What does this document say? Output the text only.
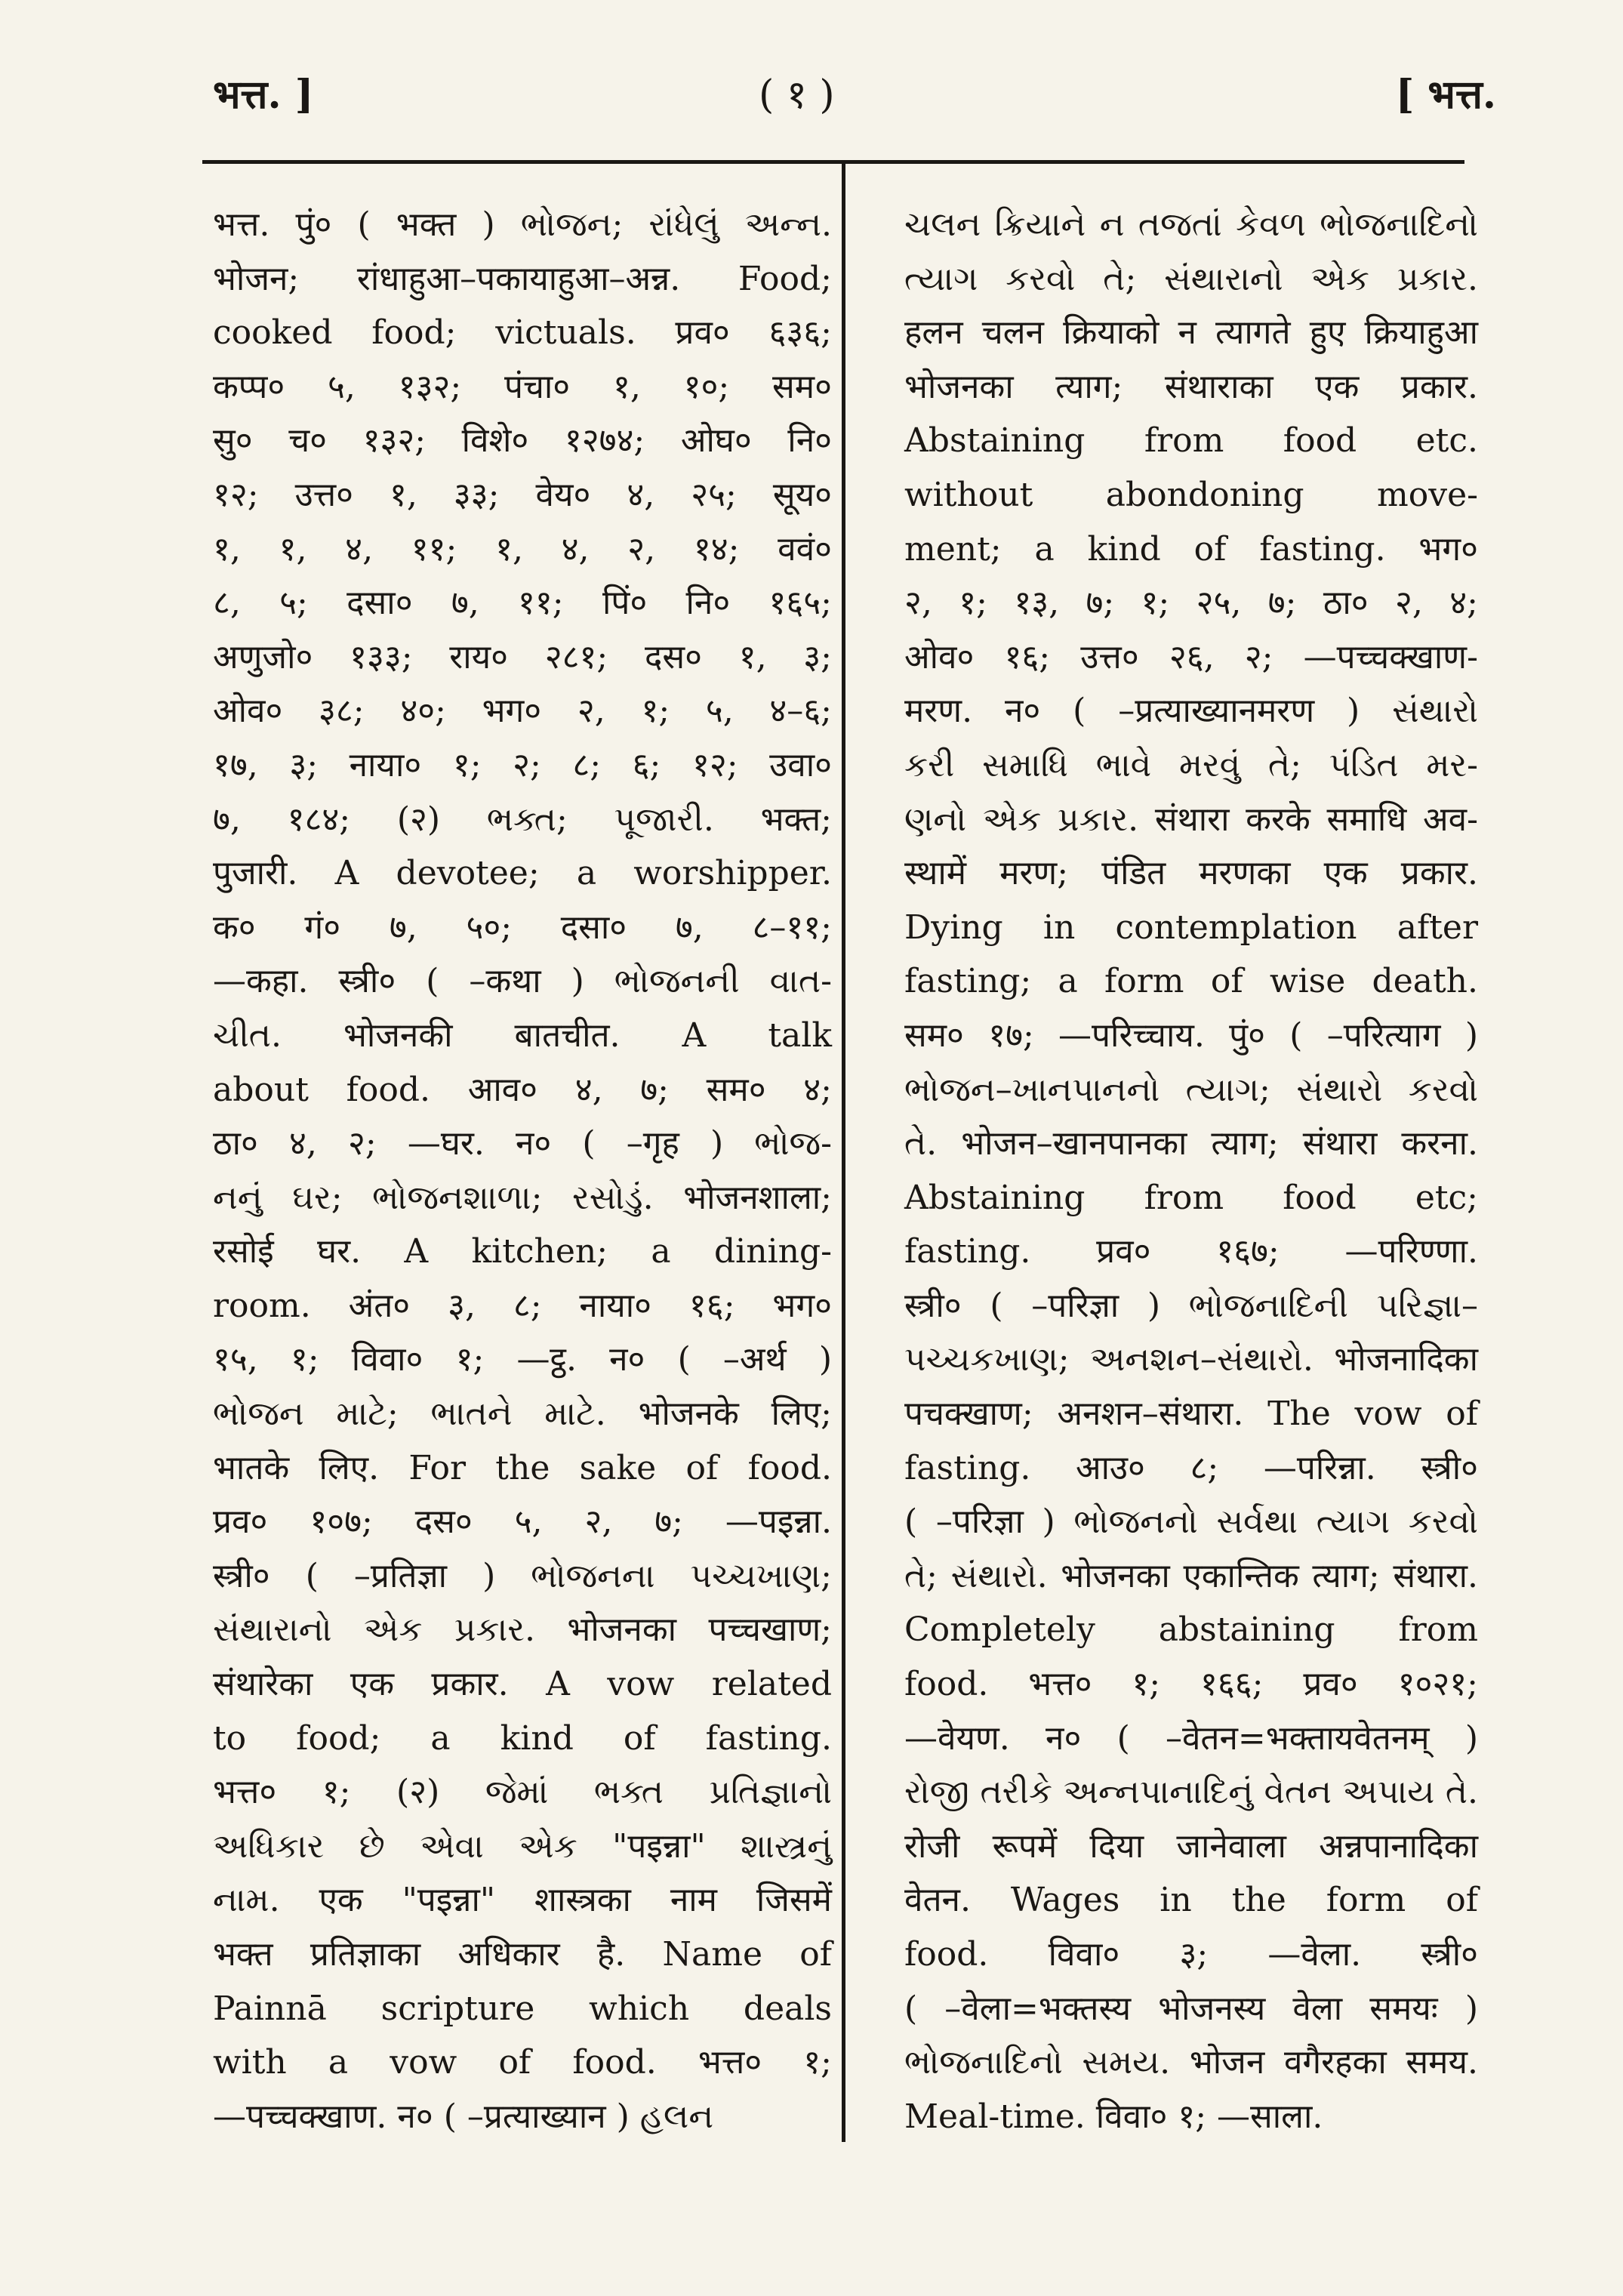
भत्त. ]	( १ )	[ भत्त.

भत्त. पुं० ( भक्त ) ભોજન; રાંધેલું અન્ન.

भोजन; रांधाहुआ–पकायाहुआ–अन्न. Food;

cooked food; victuals. प्रव० ६३६;

कप्प० ५, १३२; पंचा० १, १०; सम०

सु० च० १३२; विशे० १२७४; ओघ० नि०

१२; उत्त० १, ३३; वेय० ४, २५; सूय०

१, १, ४, ११; १, ४, २, १४; ववं०

८, ५; दसा० ७, ११; पिं० नि० १६५;

अणुजो० १३३; राय० २८१; दस० १, ३;

ओव० ३८; ४०; भग० २, १; ५, ४–६;

१७, ३; नाया० १; २; ८; ६; १२; उवा०

७, १८४; (२) ભક્ત; પૂજારી. भक्त;

पुजारी. A devotee; a worshipper.

क० गं० ७, ५०; दसा० ७, ८–११;

—कहा. स्त्री० ( –कथा ) ભોજનની વાત-

ચીત. भोजनकी बातचीत. A talk

about food. आव० ४, ७; सम० ४;

ठा० ४, २; —घर. न० ( –गृह ) ભોજ-

નનું ઘર; ભોજનશાળા; રસોડું. भोजनशाला;

रसोई घर. A kitchen; a dining-

room. अंत० ३, ८; नाया० १६; भग०

१५, १; विवा० १; —ट्ठ. न० ( –अर्थ )

ભોજન માટે; ભાતને માટે. भोजनके लिए;

भातके लिए. For the sake of food.

प्रव० १०७; दस० ५, २, ७; —पइन्ना.

स्त्री० ( –प्रतिज्ञा ) ભોજનના પચ્ચખાણ;

સંથારાનો એક પ્રકાર. भोजनका पच्चखाण;

संथारेका एक प्रकार. A vow related

to food; a kind of fasting.

भत्त० १; (२) જેમાં ભક્ત પ્રતિજ્ઞાનો

અધિકાર છે એવા એક "पइन्ना" શાસ્ત્રનું

નામ. एक "पइन्ना" शास्त्रका नाम जिसमें

भक्त प्रतिज्ञाका अधिकार है. Name of

Painnā scripture which deals

with a vow of food. भत्त० १;

—पच्चक्खाण. न० ( –प्रत्याख्यान ) હલન

ચલન ક્રિયાને ન તજતાં કેવળ ભોજનાદિનો

ત્યાગ કરવો તે; સંથારાનો એક પ્રકાર.

हलन चलन क्रियाको न त्यागते हुए क्रियाहुआ

भोजनका त्याग; संथाराका एक प्रकार.

Abstaining from food etc.

without abondoning move-

ment; a kind of fasting. भग०

२, १; १३, ७; १; २५, ७; ठा० २, ४;

ओव० १६; उत्त० २६, २; —पच्चक्खाण-

मरण. न० ( –प्रत्याख्यानमरण ) સંથારો

કરી સમાધિ ભાવે મરવું તે; પંડિત મર-

ણનો એક પ્રકાર. संथारा करके समाधि अव-

स्थामें मरण; पंडित मरणका एक प्रकार.

Dying in contemplation after

fasting; a form of wise death.

सम० १७; —परिच्चाय. पुं० ( –परित्याग )

ભોજન–ખાનપાનનો ત્યાગ; સંથારો કરવો

તે. भोजन–खानपानका त्याग; संथारा करना.

Abstaining from food etc;

fasting. प्रव० १६७; —परिण्णा.

स्त्री० ( –परिज्ञा ) ભોજનાદિની પરિજ્ઞા–

પચ્ચકખાણ; અનશન–સંથારો. भोजनादिका

पचक्खाण; अनशन–संथारा. The vow of

fasting. आउ० ८; —परिन्ना. स्त्री०

( –परिज्ञा ) ભોજનનો સર્વથા ત્યાગ કરવો

તે; સંથારો. भोजनका एकान्तिक त्याग; संथारा.

Completely abstaining from

food. भत्त० १; १६६; प्रव० १०२१;

—वेयण. न० ( –वेतन=भक्तायवेतनम् )

રોજી તરીકે અન્નપાનાદિનું વેતન અપાય તે.

रोजी रूपमें दिया जानेवाला अन्नपानादिका

वेतन. Wages in the form of

food. विवा० ३; —वेला. स्त्री०

( –वेला=भक्तस्य भोजनस्य वेला समयः )

ભોજનાદિનો સમય. भोजन वगैरहका समय.

Meal-time. विवा० १; —साला.
